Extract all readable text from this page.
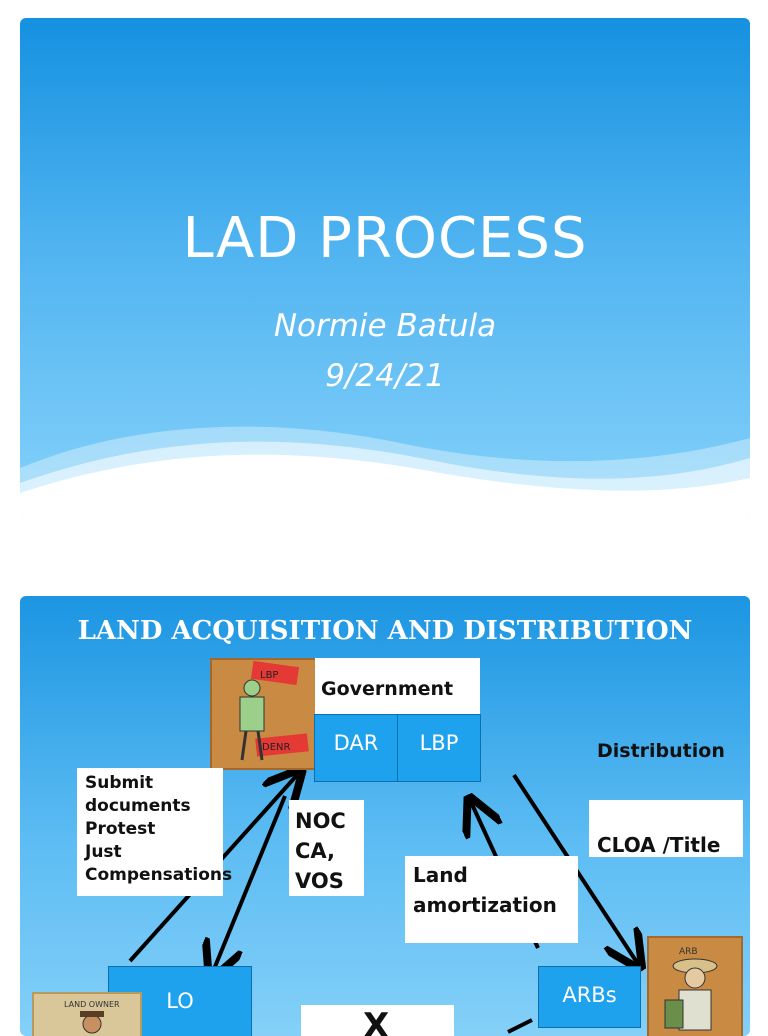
LAD PROCESS
Normie Batula
9/24/21
LAND ACQUISITION AND DISTRIBUTION
LBP
DENR
Government
DAR	LBP	Distribution
Submit
documents
Protest
Just
Compensations
NOC
CA,
VOS
CLOA /Title
Land
amortization
LO
LAND OWNER
X
ARBs
ARB
